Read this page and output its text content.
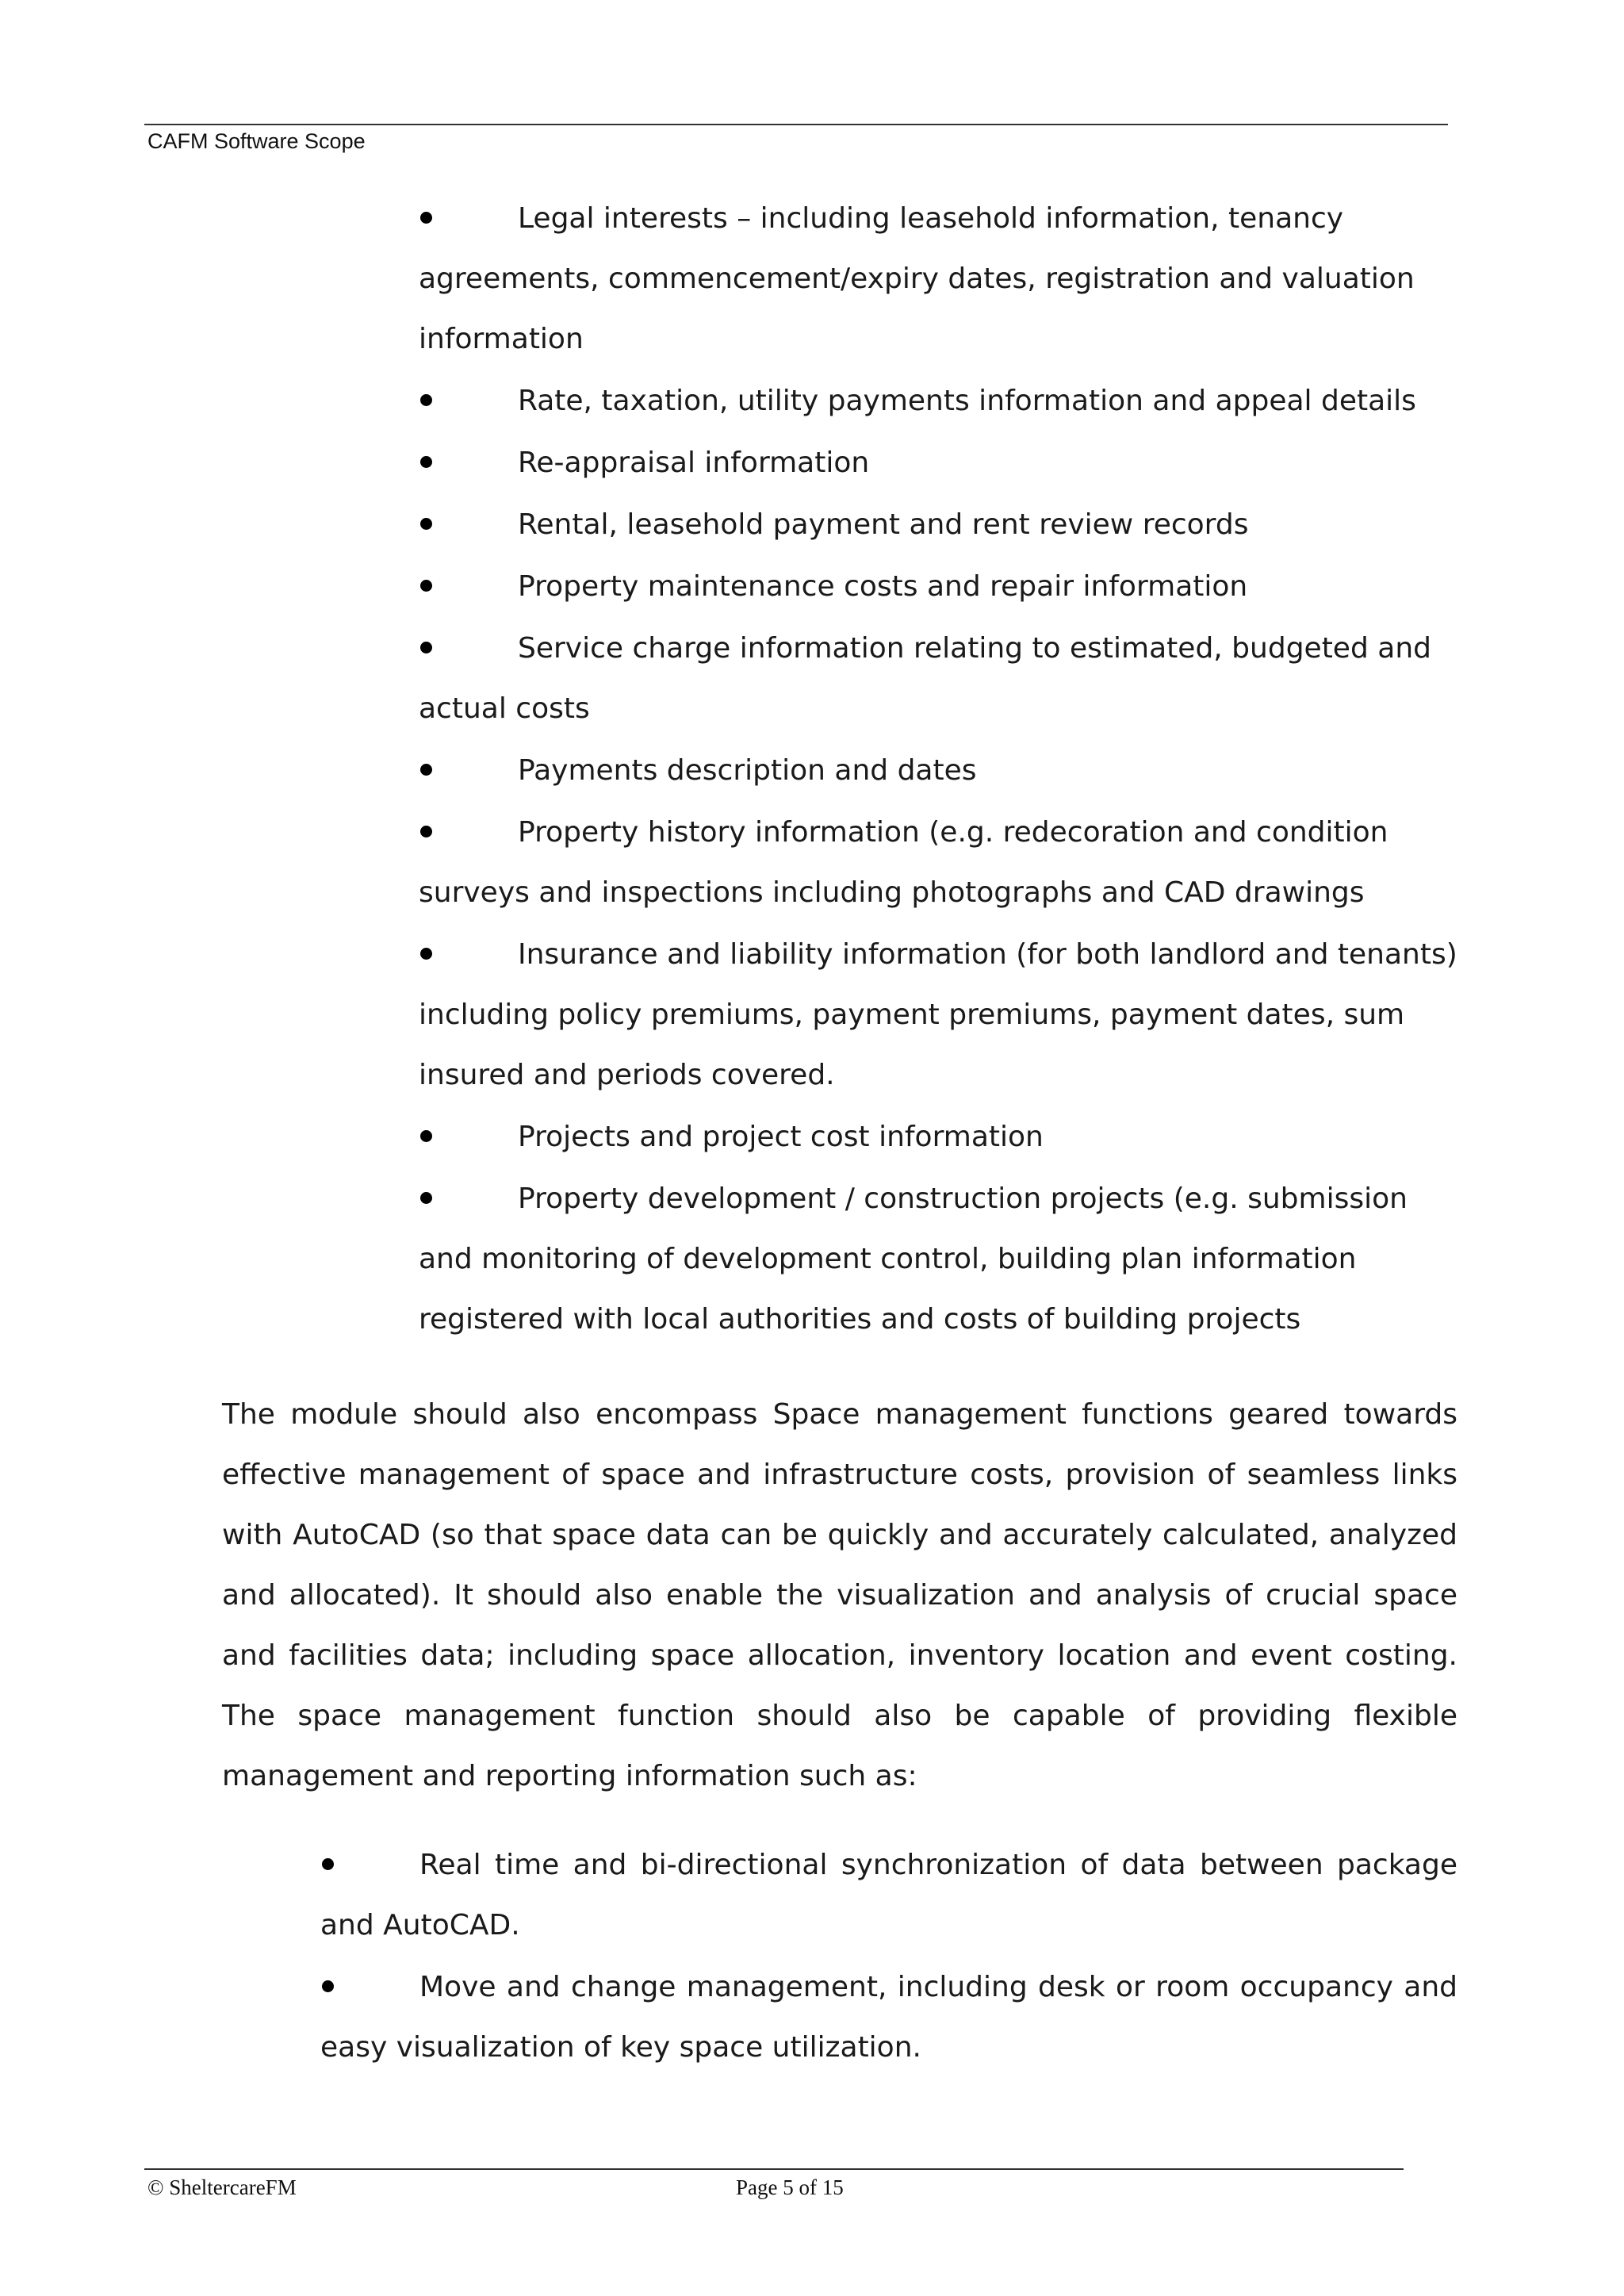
CAFM Software Scope
Legal interests – including leasehold information, tenancy agreements, commencement/expiry dates, registration and valuation information
Rate, taxation, utility payments information and appeal details
Re-appraisal information
Rental, leasehold payment and rent review records
Property maintenance costs and repair information
Service charge information relating to estimated, budgeted and actual costs
Payments description and dates
Property history information (e.g. redecoration and condition surveys and inspections including photographs and CAD drawings
Insurance and liability information (for both landlord and tenants) including policy premiums, payment premiums, payment dates, sum insured and periods covered.
Projects and project cost information
Property development / construction projects (e.g. submission and monitoring of development control, building plan information registered with local authorities and costs of building projects

The module should also encompass Space management functions geared towards effective management of space and infrastructure costs, provision of seamless links with AutoCAD (so that space data can be quickly and accurately calculated, analyzed and allocated). It should also enable the visualization and analysis of crucial space and facilities data; including space allocation, inventory location and event costing. The space management function should also be capable of providing flexible management and reporting information such as:

Real time and bi-directional synchronization of data between package and AutoCAD.
Move and change management, including desk or room occupancy and easy visualization of key space utilization.
© SheltercareFM	Page 5 of 15
